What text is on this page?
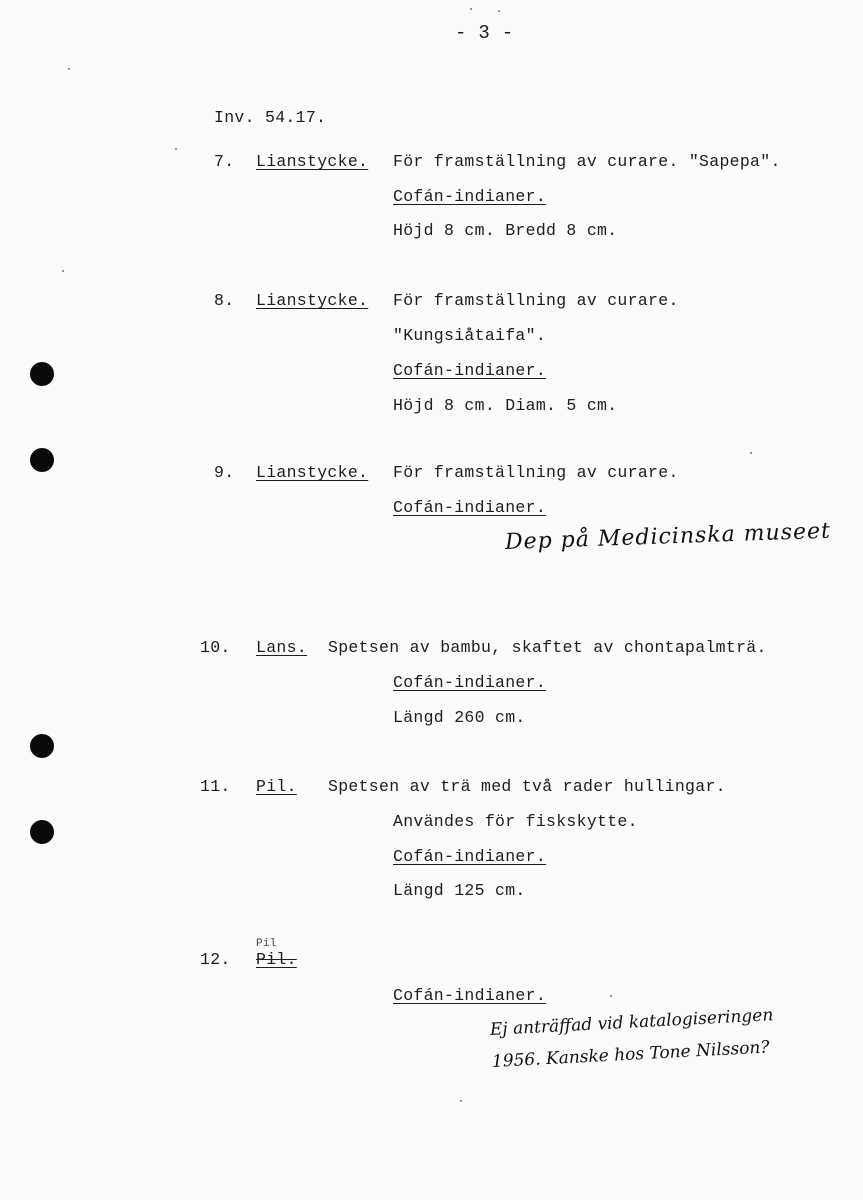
- 3 -
Inv. 54.17.
7. Lianstycke. För framställning av curare. "Sapepa".
Cofán-indianer.
Höjd 8 cm. Bredd 8 cm.
8. Lianstycke. För framställning av curare.
"Kungsiåtaifa".
Cofán-indianer.
Höjd 8 cm. Diam. 5 cm.
9. Lianstycke. För framställning av curare.
Cofán-indianer.
Dep på Medicinska museet
10. Lans. Spetsen av bambu, skaftet av chontapalmträ.
Cofán-indianer.
Längd 260 cm.
11. Pil. Spetsen av trä med två rader hullingar.
Användes för fiskskytte.
Cofán-indianer.
Längd 125 cm.
12.
Pil
Pil.
Cofán-indianer.
Ej anträffad vid katalogiseringen
1956. Kanske hos Tone Nilsson?
